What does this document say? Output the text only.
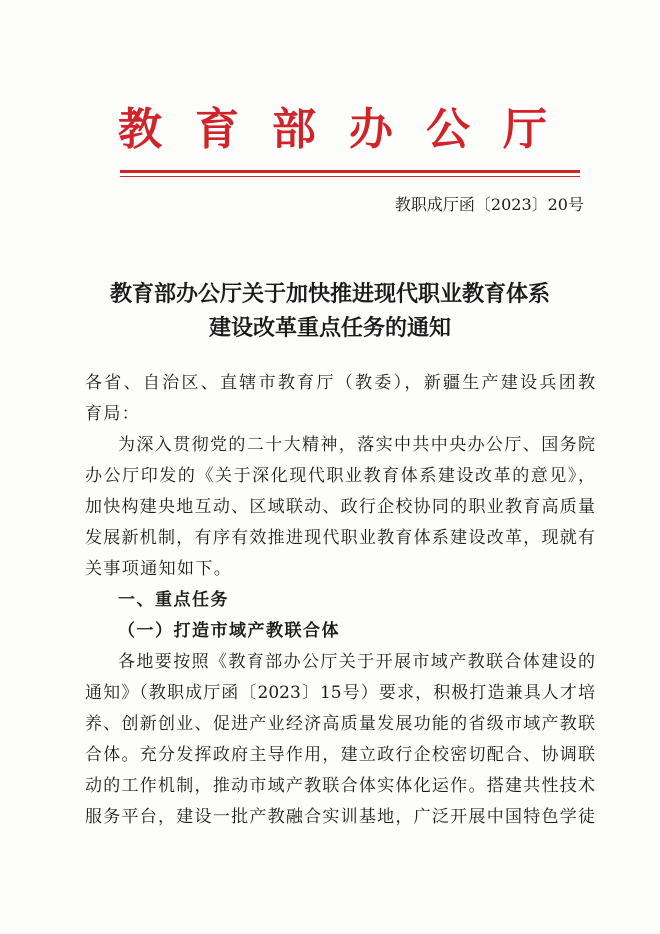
教育部办公厅
教职成厅函〔2023〕20号
教育部办公厅关于加快推进现代职业教育体系
建设改革重点任务的通知
各省、自治区、直辖市教育厅（教委），新疆生产建设兵团教
育局：
为深入贯彻党的二十大精神，落实中共中央办公厅、国务院
办公厅印发的《关于深化现代职业教育体系建设改革的意见》，
加快构建央地互动、区域联动、政行企校协同的职业教育高质量
发展新机制，有序有效推进现代职业教育体系建设改革，现就有
关事项通知如下。
一、重点任务
（一）打造市域产教联合体
各地要按照《教育部办公厅关于开展市域产教联合体建设的
通知》（教职成厅函〔2023〕15号）要求，积极打造兼具人才培
养、创新创业、促进产业经济高质量发展功能的省级市域产教联
合体。充分发挥政府主导作用，建立政行企校密切配合、协调联
动的工作机制，推动市域产教联合体实体化运作。搭建共性技术
服务平台，建设一批产教融合实训基地，广泛开展中国特色学徒
